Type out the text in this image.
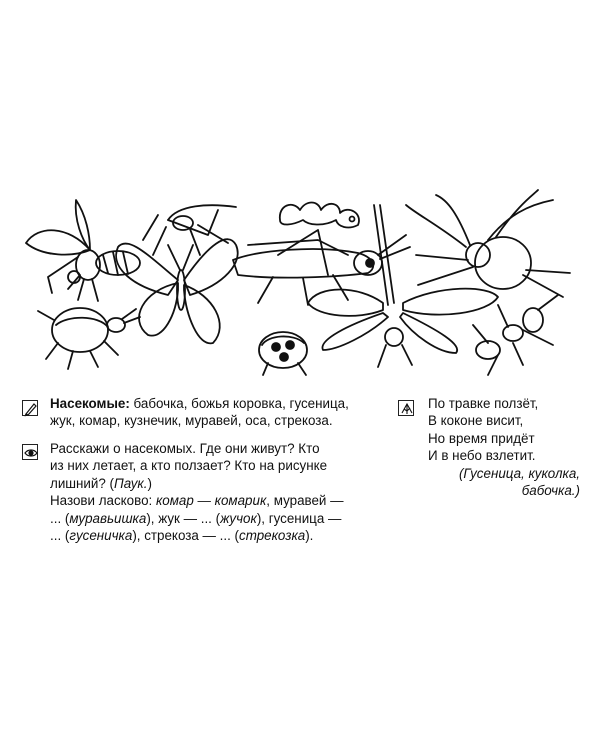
Насекомые: бабочка, божья коровка, гусеница,
жук, комар, кузнечик, муравей, оса, стрекоза.
Расскажи о насекомых. Где они живут? Кто
из них летает, а кто ползает? Кто на рисунке
лишний? (Паук.)
Назови ласково: комар — комарик, муравей —
... (муравьишка), жук — ... (жучок), гусеница —
... (гусеничка), стрекоза — ... (стрекозка).
По травке ползёт,
В коконе висит,
Но время придёт
И в небо взлетит.
(Гусеница, куколка,
бабочка.)
